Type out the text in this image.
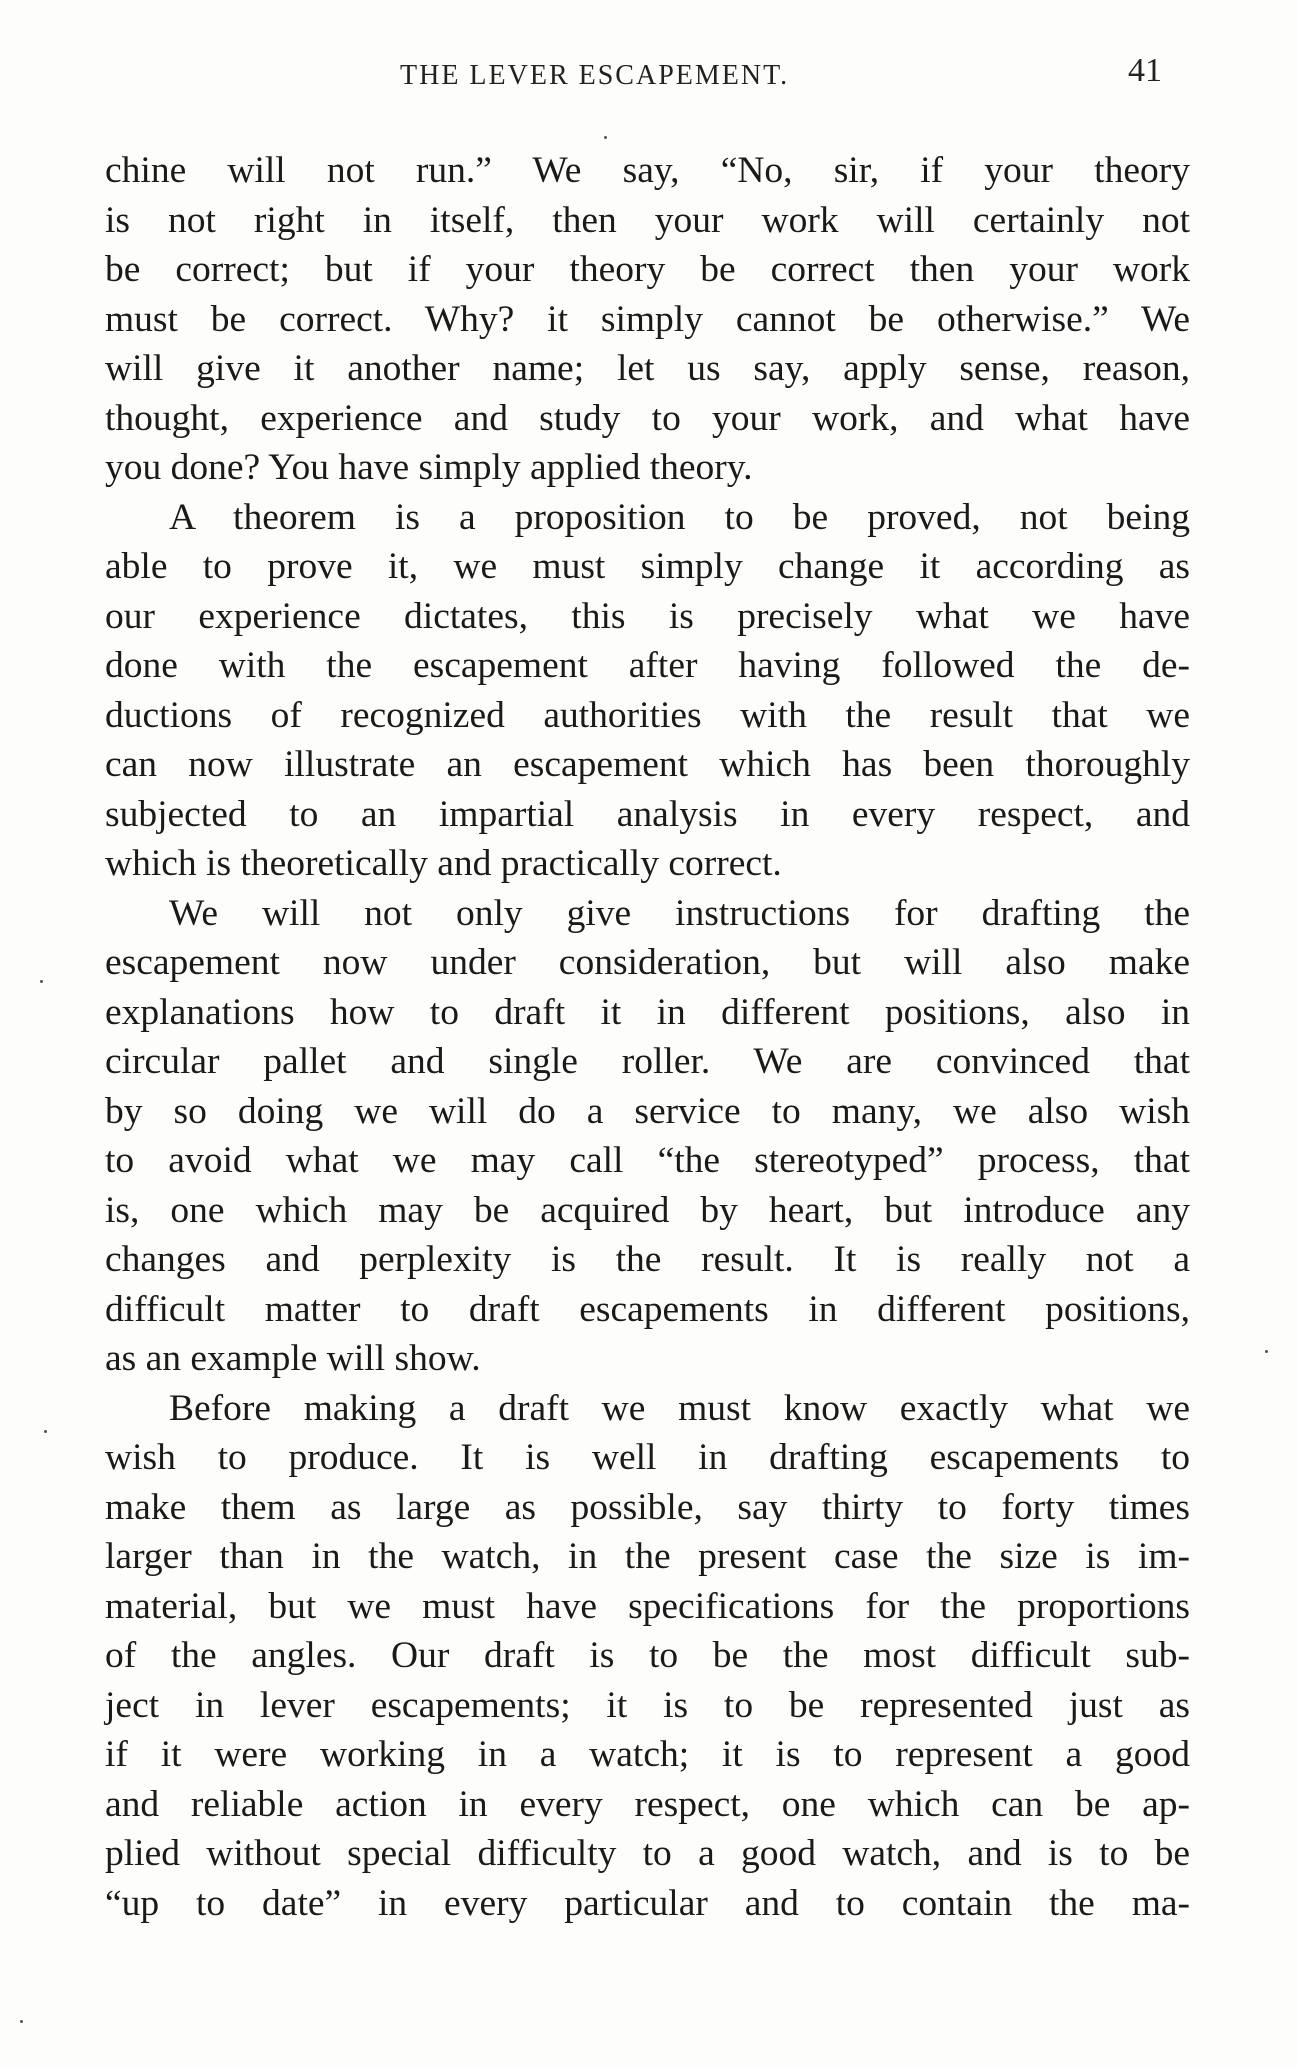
THE LEVER ESCAPEMENT.	41

chine will not run.” We say, “No, sir, if your theory
is not right in itself, then your work will certainly not
be correct; but if your theory be correct then your work
must be correct. Why? it simply cannot be otherwise.” We
will give it another name; let us say, apply sense, reason,
thought, experience and study to your work, and what have
you done? You have simply applied theory.

A theorem is a proposition to be proved, not being
able to prove it, we must simply change it according as
our experience dictates, this is precisely what we have
done with the escapement after having followed the de-
ductions of recognized authorities with the result that we
can now illustrate an escapement which has been thoroughly
subjected to an impartial analysis in every respect, and
which is theoretically and practically correct.

We will not only give instructions for drafting the
escapement now under consideration, but will also make
explanations how to draft it in different positions, also in
circular pallet and single roller. We are convinced that
by so doing we will do a service to many, we also wish
to avoid what we may call “the stereotyped” process, that
is, one which may be acquired by heart, but introduce any
changes and perplexity is the result. It is really not a
difficult matter to draft escapements in different positions,
as an example will show.

Before making a draft we must know exactly what we
wish to produce. It is well in drafting escapements to
make them as large as possible, say thirty to forty times
larger than in the watch, in the present case the size is im-
material, but we must have specifications for the proportions
of the angles. Our draft is to be the most difficult sub-
ject in lever escapements; it is to be represented just as
if it were working in a watch; it is to represent a good
and reliable action in every respect, one which can be ap-
plied without special difficulty to a good watch, and is to be
“up to date” in every particular and to contain the ma-
